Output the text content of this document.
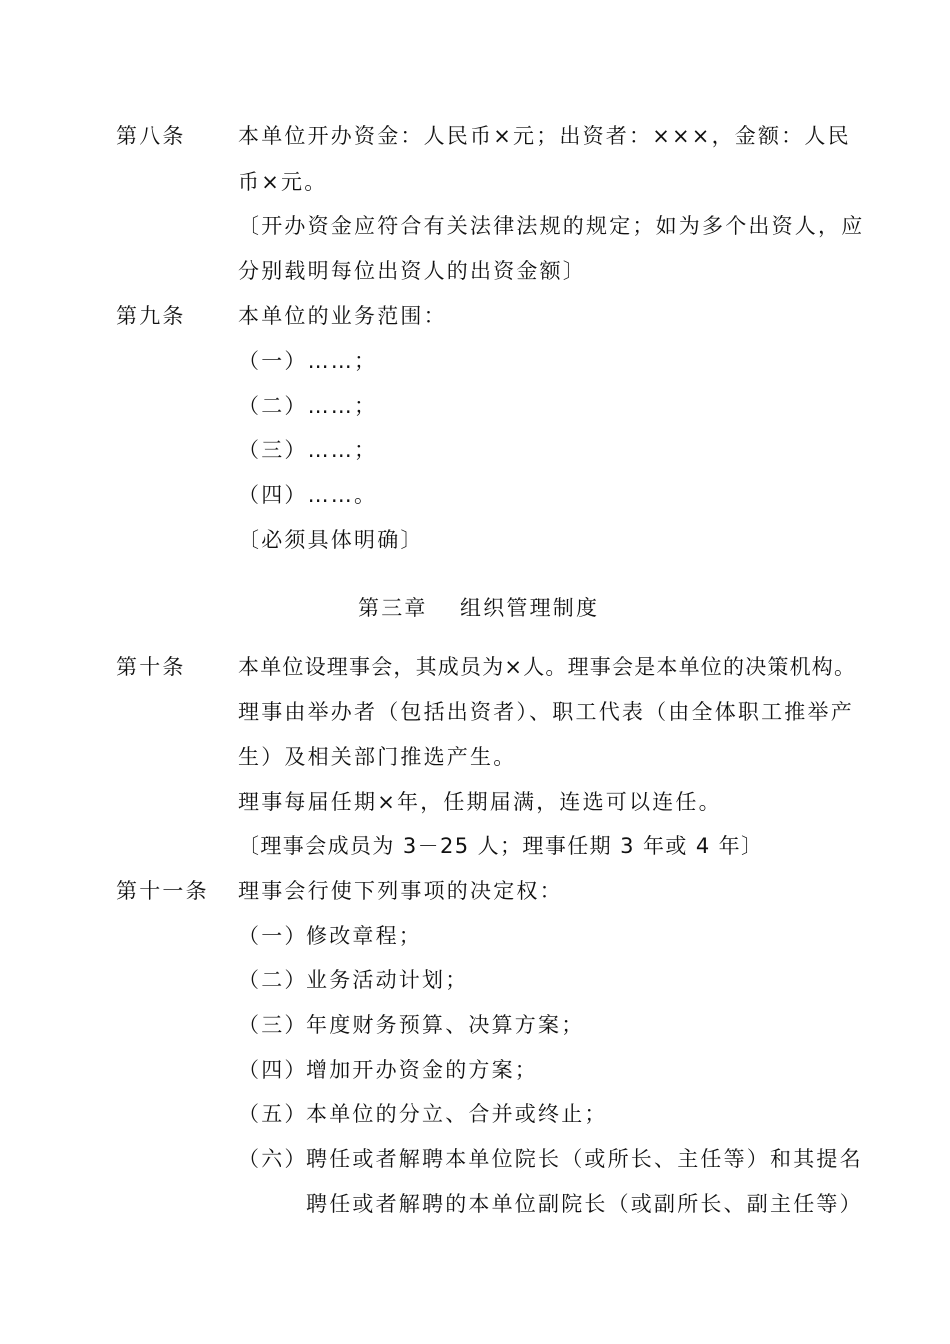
第八条 本单位开办资金：人民币×元；出资者：×××，金额：人民
币×元。
〔开办资金应符合有关法律法规的规定；如为多个出资人，应
分别载明每位出资人的出资金额〕
第九条 本单位的业务范围：
（一）……；
（二）……；
（三）……；
（四）……。
〔必须具体明确〕
第三章 组织管理制度
第十条 本单位设理事会，其成员为×人。理事会是本单位的决策机构。
理事由举办者（包括出资者）、职工代表（由全体职工推举产
生）及相关部门推选产生。
理事每届任期×年，任期届满，连选可以连任。
〔理事会成员为 3－25 人；理事任期 3 年或 4 年〕
第十一条 理事会行使下列事项的决定权：
（一）
修改章程；
（二）
业务活动计划；
（三）
年度财务预算、决算方案；
（四）
增加开办资金的方案；
（五）
本单位的分立、合并或终止；
（六）
聘任或者解聘本单位院长（或所长、主任等）和其提名
聘任或者解聘的本单位副院长（或副所长、副主任等）
